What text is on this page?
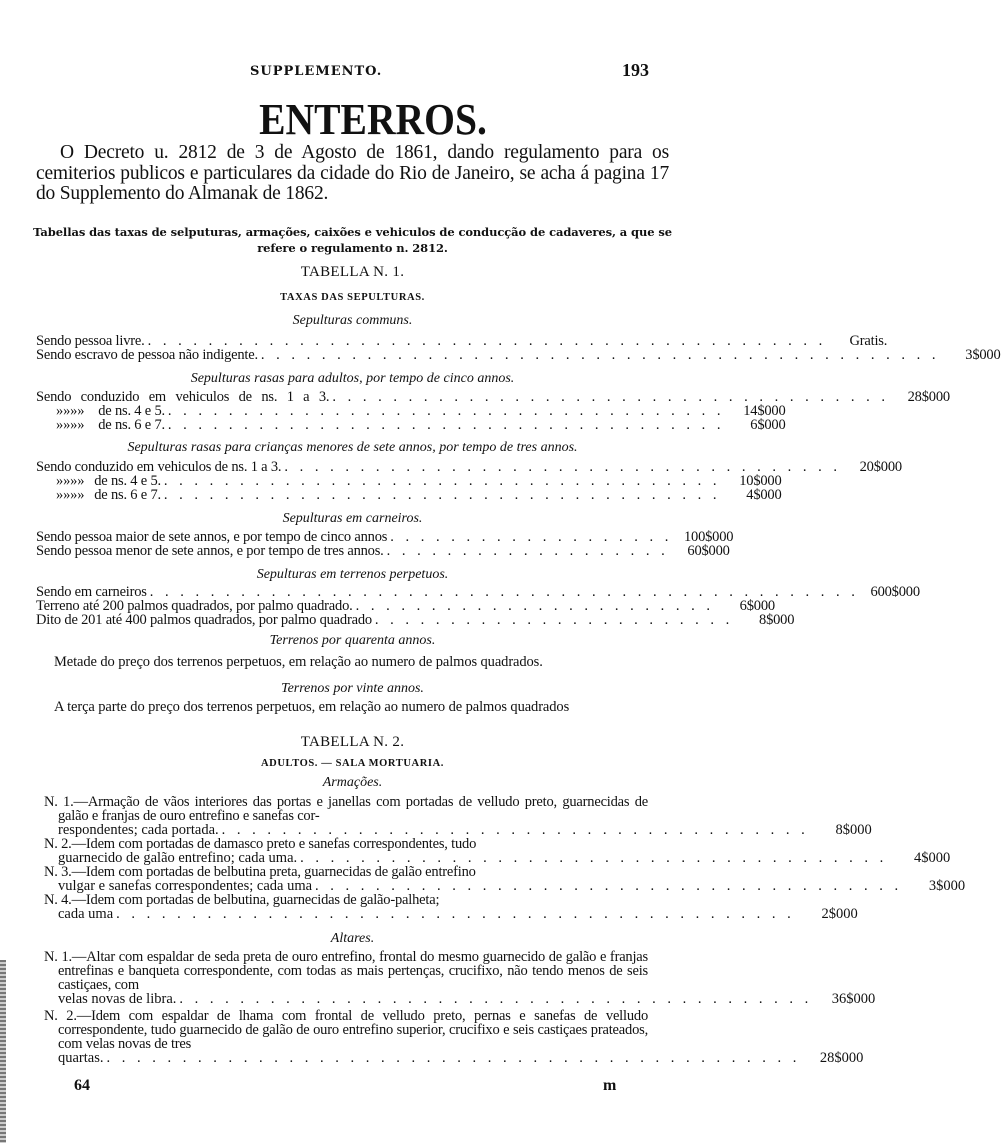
SUPPLEMENTO.	193
ENTERROS.
O Decreto u. 2812 de 3 de Agosto de 1861, dando regulamento para os cemiterios publicos e particulares da cidade do Rio de Janeiro, se acha á pagina 17 do Supplemento do Almanak de 1862.
Tabellas das taxas de selputuras, armações, caixões e vehiculos de conducção de cadaveres, a que se refere o regulamento n. 2812.
TABELLA N. 1.
TAXAS DAS SEPULTURAS.
Sepulturas communs.
Sendo pessoa livre. . . . . . . . . . . . . . . . . . . . . . . . . . . . . . . . . . . . . . . . . . . . . .	Gratis.
Sendo escravo de pessoa não indigente. . . . . . . . . . . . . . . . . . . . . . . . . . . . . . . . . . . . . . . . . . . . . .	3$000
Sepulturas rasas para adultos, por tempo de cinco annos.
Sendo conduzido em vehiculos de ns. 1 a 3. . . . . . . . . . . . . . . . . . . . . . . . . . . . . . . . . . . . . .	28$000
» » » » de ns. 4 e 5. . . . . . . . . . . . . . . . . . . . . . . . . . . . . . . . . . . . . .	14$000
» » » » de ns. 6 e 7. . . . . . . . . . . . . . . . . . . . . . . . . . . . . . . . . . . . . .	6$000
Sepulturas rasas para crianças menores de sete annos, por tempo de tres annos.
Sendo conduzido em vehiculos de ns. 1 a 3. . . . . . . . . . . . . . . . . . . . . . . . . . . . . . . . . . . . . .	20$000
» » » » de ns. 4 e 5. . . . . . . . . . . . . . . . . . . . . . . . . . . . . . . . . . . . . .	10$000
» » » » de ns. 6 e 7. . . . . . . . . . . . . . . . . . . . . . . . . . . . . . . . . . . . . .	4$000
Sepulturas em carneiros.
Sendo pessoa maior de sete annos, e por tempo de cinco annos . . . . . . . . . . . . . . . . . . . 100$000
Sendo pessoa menor de sete annos, e por tempo de tres annos. . . . . . . . . . . . . . . . . . . .	60$000
Sepulturas em terrenos perpetuos.
Sendo em carneiros . . . . . . . . . . . . . . . . . . . . . . . . . . . . . . . . . . . . . . . . . . . . . . . 600$000
Terreno até 200 palmos quadrados, por palmo quadrado. . . . . . . . . . . . . . . . . . . . . . . . .	6$000
Dito de 201 até 400 palmos quadrados, por palmo quadrado . . . . . . . . . . . . . . . . . . . . . . . .	8$000
Terrenos por quarenta annos.
Metade do preço dos terrenos perpetuos, em relação ao numero de palmos quadrados.
Terrenos por vinte annos.
A terça parte do preço dos terrenos perpetuos, em relação ao numero de palmos quadrados
TABELLA N. 2.
ADULTOS. — SALA MORTUARIA.
Armações.
N. 1.—Armação de vãos interiores das portas e janellas com portadas de velludo preto, guarnecidas de galão e franjas de ouro entrefino e sanefas cor-
respondentes; cada portada. . . . . . . . . . . . . . . . . . . . . . . . . . . . . . . . . . . . . . . .	8$000
N. 2.—Idem com portadas de damasco preto e sanefas correspondentes, tudo
guarnecido de galão entrefino; cada uma. . . . . . . . . . . . . . . . . . . . . . . . . . . . . . . . . . . . . . . .	4$000
N. 3.—Idem com portadas de belbutina preta, guarnecidas de galão entrefino
vulgar e sanefas correspondentes; cada uma . . . . . . . . . . . . . . . . . . . . . . . . . . . . . . . . . . . . . . .	3$000
N. 4.—Idem com portadas de belbutina, guarnecidas de galão-palheta;
cada uma . . . . . . . . . . . . . . . . . . . . . . . . . . . . . . . . . . . . . . . . . . . . .	2$000
Altares.
N. 1.—Altar com espaldar de seda preta de ouro entrefino, frontal do mesmo guarnecido de galão e franjas entrefinas e banqueta correspondente, com todas as mais pertenças, crucifixo, não tendo menos de seis castiçaes, com
velas novas de libra. . . . . . . . . . . . . . . . . . . . . . . . . . . . . . . . . . . . . . . . . . .	36$000
N. 2.—Idem com espaldar de lhama com frontal de velludo preto, pernas e sanefas de velludo correspondente, tudo guarnecido de galão de ouro entrefino superior, crucifixo e seis castiçaes prateados, com velas novas de tres
quartas. . . . . . . . . . . . . . . . . . . . . . . . . . . . . . . . . . . . . . . . . . . . . . .	28$000
64	m
